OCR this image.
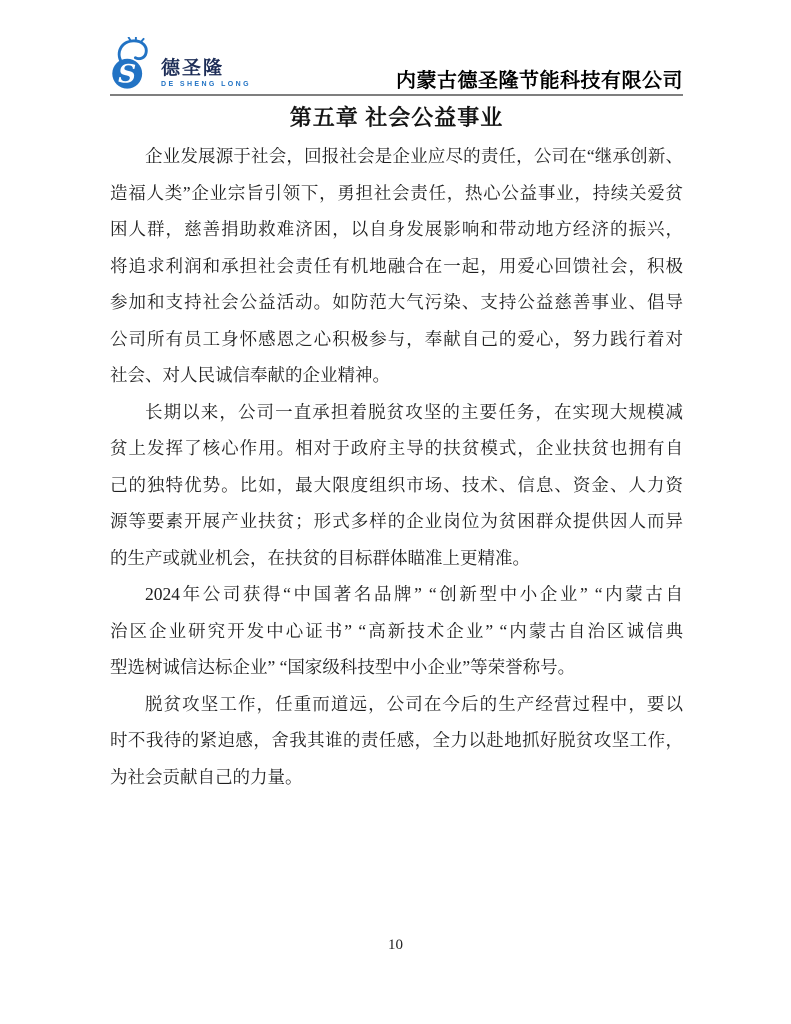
S 德圣隆
DE SHENG LONG	内蒙古德圣隆节能科技有限公司
第五章 社会公益事业
企业发展源于社会，回报社会是企业应尽的责任，公司在“继承创新、
造福人类”企业宗旨引领下，勇担社会责任，热心公益事业，持续关爱贫
困人群，慈善捐助救难济困，以自身发展影响和带动地方经济的振兴，
将追求利润和承担社会责任有机地融合在一起，用爱心回馈社会，积极
参加和支持社会公益活动。如防范大气污染、支持公益慈善事业、倡导
公司所有员工身怀感恩之心积极参与，奉献自己的爱心，努力践行着对
社会、对人民诚信奉献的企业精神。
长期以来，公司一直承担着脱贫攻坚的主要任务，在实现大规模减
贫上发挥了核心作用。相对于政府主导的扶贫模式，企业扶贫也拥有自
己的独特优势。比如，最大限度组织市场、技术、信息、资金、人力资
源等要素开展产业扶贫；形式多样的企业岗位为贫困群众提供因人而异
的生产或就业机会，在扶贫的目标群体瞄准上更精准。
2024年公司获得“中国著名品牌” “创新型中小企业” “内蒙古自
治区企业研究开发中心证书” “高新技术企业” “内蒙古自治区诚信典
型选树诚信达标企业” “国家级科技型中小企业”等荣誉称号。
脱贫攻坚工作，任重而道远，公司在今后的生产经营过程中，要以
时不我待的紧迫感，舍我其谁的责任感，全力以赴地抓好脱贫攻坚工作，
为社会贡献自己的力量。
10
